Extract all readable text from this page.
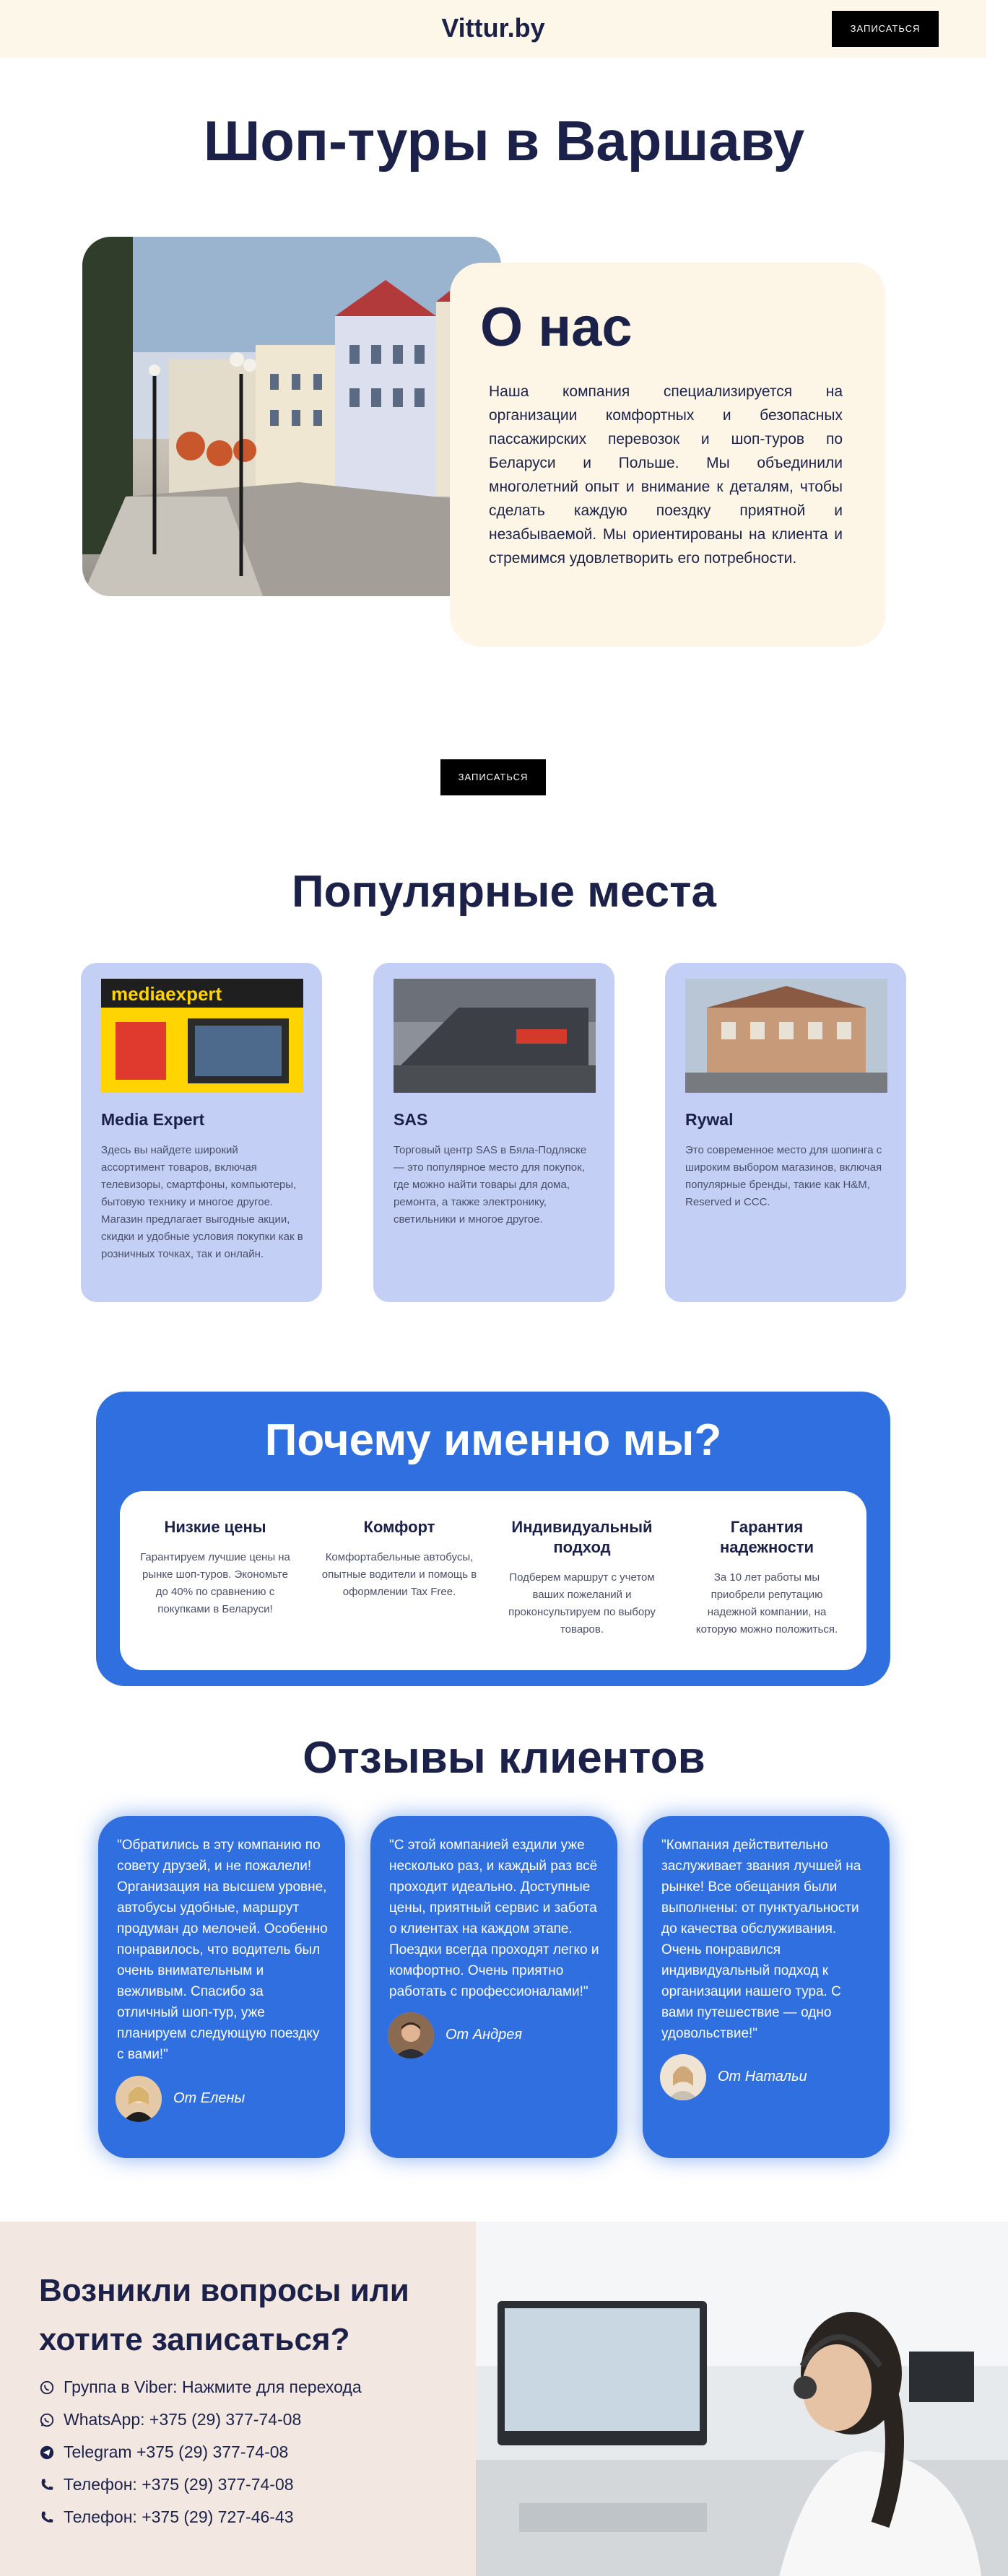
Vittur.by	ЗАПИСАТЬСЯ
Шоп-туры в Варшаву
О нас
Наша компания специализируется на организации комфортных и безопасных пассажирских перевозок и шоп-туров по Беларуси и Польше. Мы объединили многолетний опыт и внимание к деталям, чтобы сделать каждую поездку приятной и незабываемой. Мы ориентированы на клиента и стремимся удовлетворить его потребности.
ЗАПИСАТЬСЯ
Популярные места
mediaexpert
Media Expert
Здесь вы найдете широкий ассортимент товаров, включая телевизоры, смартфоны, компьютеры, бытовую технику и многое другое. Магазин предлагает выгодные акции, скидки и удобные условия покупки как в розничных точках, так и онлайн.
SAS
Торговый центр SAS в Бяла-Подляске — это популярное место для покупок, где можно найти товары для дома, ремонта, а также электронику, светильники и многое другое.
Rywal
Это современное место для шопинга с широким выбором магазинов, включая популярные бренды, такие как H&M, Reserved и CCC.
Почему именно мы?
Низкие цены

Гарантируем лучшие цены на рынке шоп-туров. Экономьте до 40% по сравнению с покупками в Беларуси!

Комфорт

Комфортабельные автобусы, опытные водители и помощь в оформлении Tax Free.

Индивидуальный подход

Подберем маршрут с учетом ваших пожеланий и проконсультируем по выбору товаров.

Гарантия надежности

За 10 лет работы мы приобрели репутацию надежной компании, на которую можно положиться.

Отзывы клиентов
"Обратились в эту компанию по совету друзей, и не пожалели! Организация на высшем уровне, автобусы удобные, маршрут продуман до мелочей. Особенно понравилось, что водитель был очень внимательным и вежливым. Спасибо за отличный шоп-тур, уже планируем следующую поездку с вами!"
От Елены
"С этой компанией ездили уже несколько раз, и каждый раз всё проходит идеально. Доступные цены, приятный сервис и забота о клиентах на каждом этапе. Поездки всегда проходят легко и комфортно. Очень приятно работать с профессионалами!"
От Андрея
"Компания действительно заслуживает звания лучшей на рынке! Все обещания были выполнены: от пунктуальности до качества обслуживания. Очень понравился индивидуальный подход к организации нашего тура. С вами путешествие — одно удовольствие!"
От Натальи
Возникли вопросы или хотите записаться?
Группа в Viber: Нажмите для перехода
WhatsApp: +375 (29) 377-74-08
Telegram +375 (29) 377-74-08
Телефон: +375 (29) 377-74-08
Телефон: +375 (29) 727-46-43
